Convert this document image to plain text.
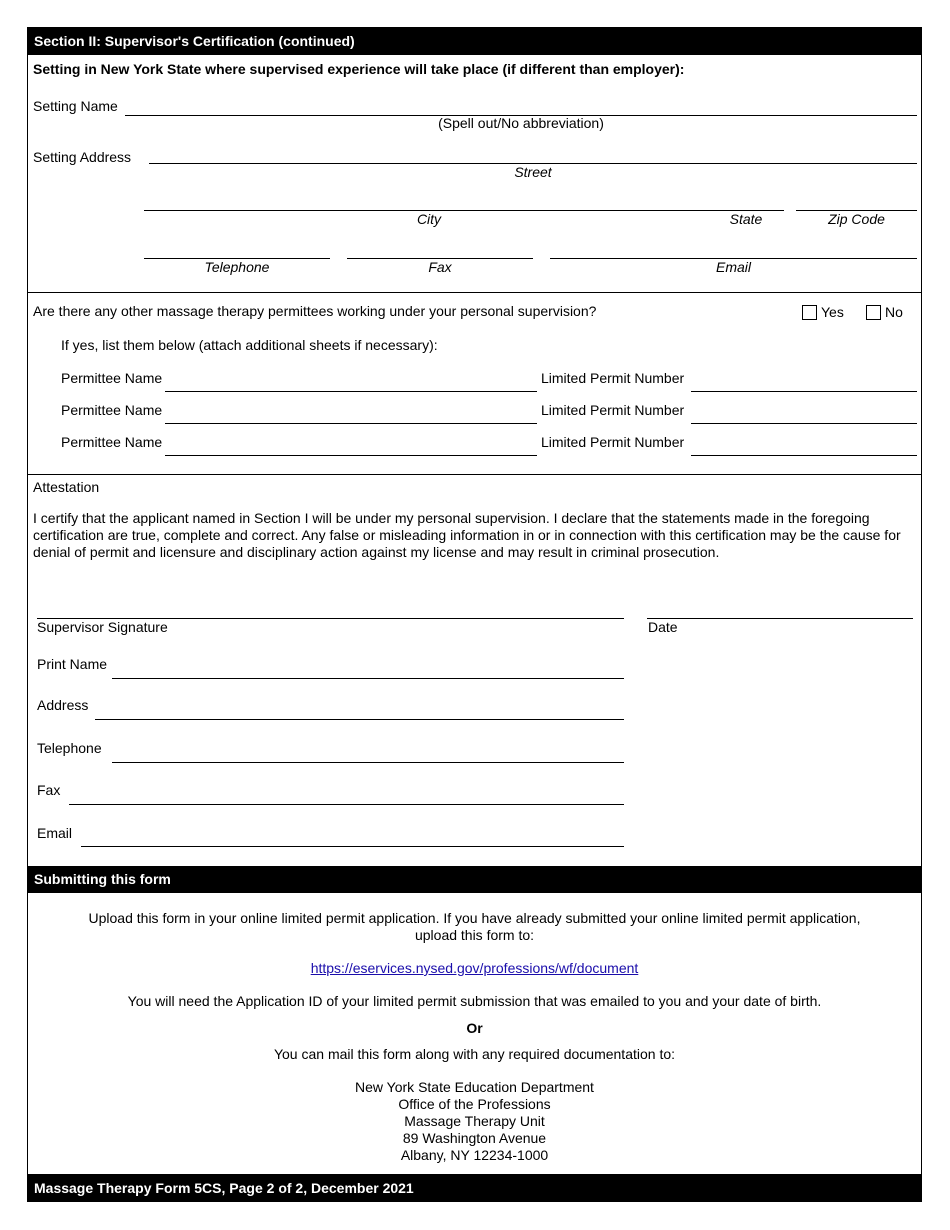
Section II: Supervisor's Certification (continued)
Setting in New York State where supervised experience will take place (if different than employer):
Setting Name
(Spell out/No abbreviation)
Setting Address
Street
City	State	Zip Code
Telephone	Fax	Email
Are there any other massage therapy permittees working under your personal supervision?	Yes	No
If yes, list them below (attach additional sheets if necessary):
Permittee Name	Limited Permit Number
Permittee Name	Limited Permit Number
Permittee Name	Limited Permit Number
Attestation
I certify that the applicant named in Section I will be under my personal supervision. I declare that the statements made in the foregoing certification are true, complete and correct. Any false or misleading information in or in connection with this certification may be the cause for denial of permit and licensure and disciplinary action against my license and may result in criminal prosecution.
Supervisor Signature	Date
Print Name
Address
Telephone
Fax
Email
Submitting this form
Upload this form in your online limited permit application. If you have already submitted your online limited permit application,
upload this form to:
https://eservices.nysed.gov/professions/wf/document
You will need the Application ID of your limited permit submission that was emailed to you and your date of birth.
Or
You can mail this form along with any required documentation to:
New York State Education Department
Office of the Professions
Massage Therapy Unit
89 Washington Avenue
Albany, NY 12234-1000
Massage Therapy Form 5CS, Page 2 of 2, December 2021
